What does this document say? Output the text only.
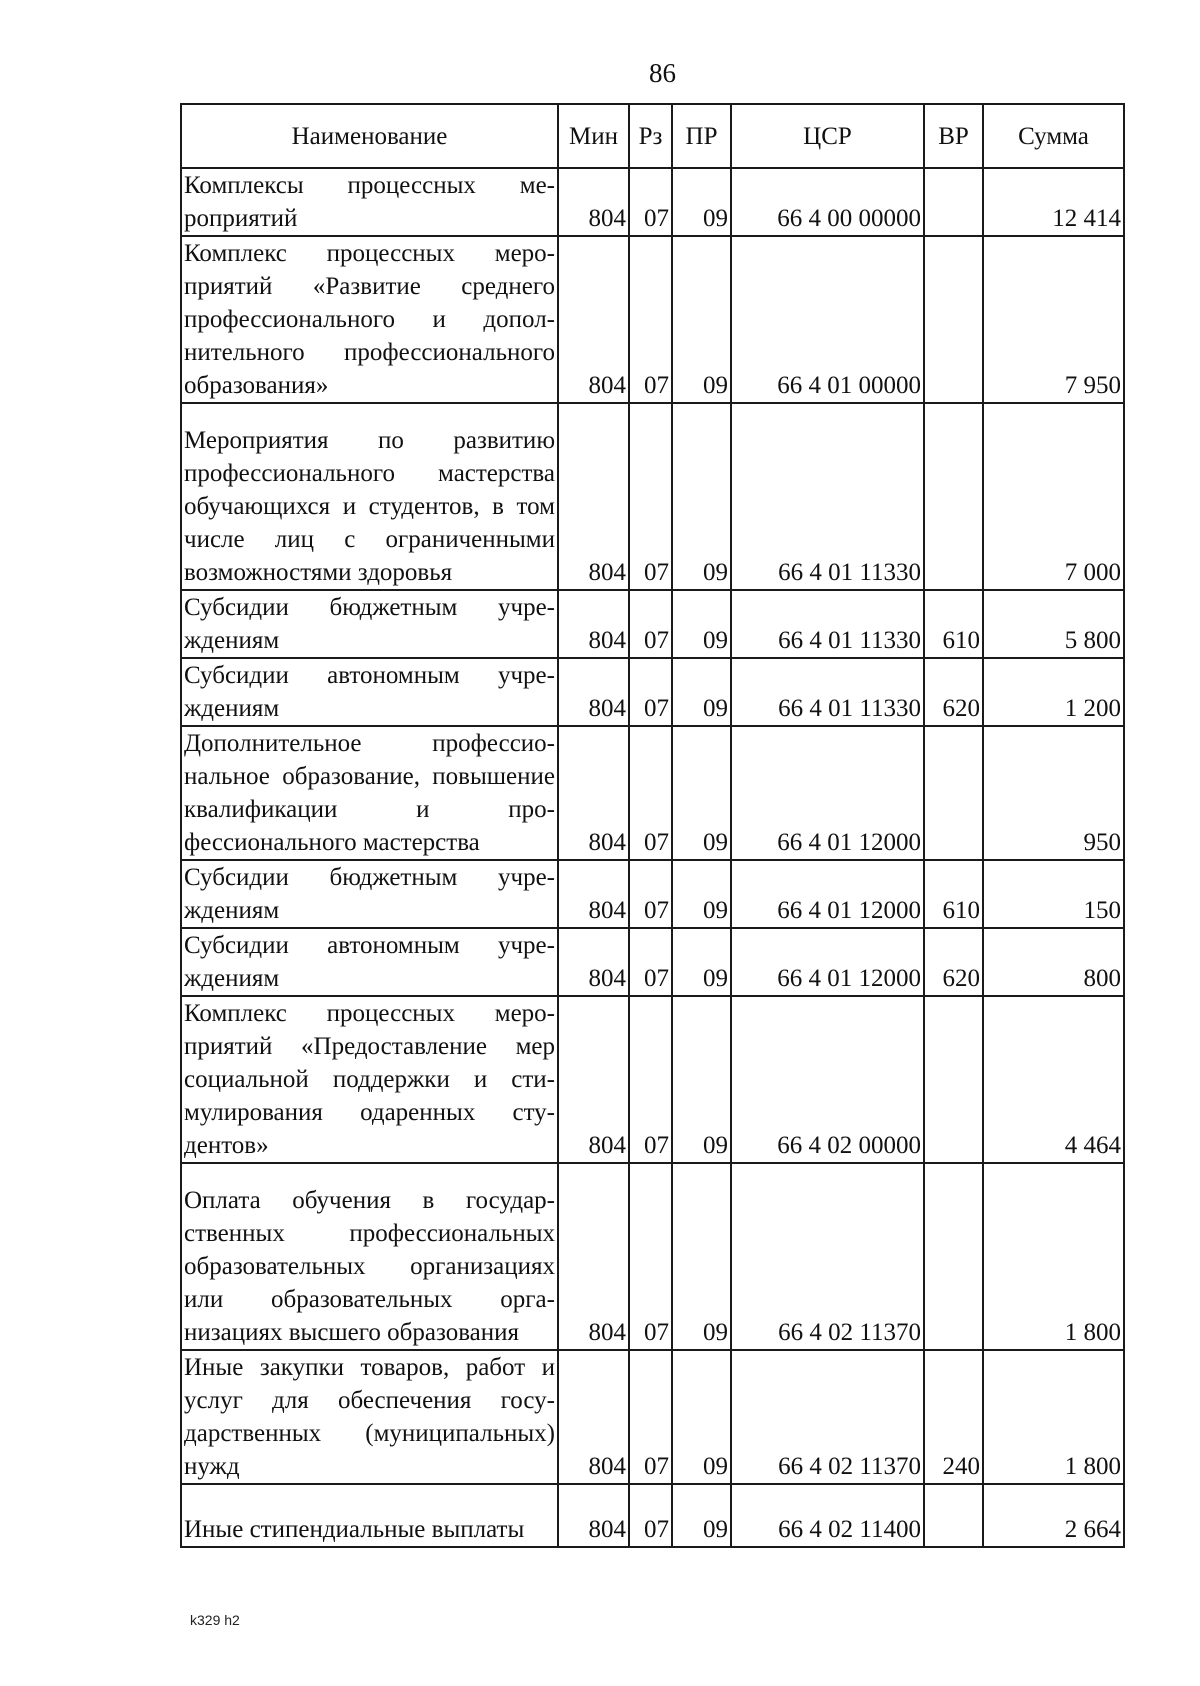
86
Наименование	Мин	Рз	ПР	ЦСР	ВР	Сумма
Комплексы процессных мероприятий	804	07	09	66 4 00 00000		12 414
Комплекс процессных мероприятий «Развитие среднего профессионального и дополнительного профессионального образования»	804	07	09	66 4 01 00000		7 950
Мероприятия по развитию профессионального мастерства обучающихся и студентов, в том числе лиц с ограниченными возможностями здоровья	804	07	09	66 4 01 11330		7 000
Субсидии бюджетным учреждениям	804	07	09	66 4 01 11330	610	5 800
Субсидии автономным учреждениям	804	07	09	66 4 01 11330	620	1 200
Дополнительное профессиональное образование, повышение квалификации и профессионального мастерства	804	07	09	66 4 01 12000		950
Субсидии бюджетным учреждениям	804	07	09	66 4 01 12000	610	150
Субсидии автономным учреждениям	804	07	09	66 4 01 12000	620	800
Комплекс процессных мероприятий «Предоставление мер социальной поддержки и стимулирования одаренных студентов»	804	07	09	66 4 02 00000		4 464
Оплата обучения в государственных профессиональных образовательных организациях или образовательных организациях высшего образования	804	07	09	66 4 02 11370		1 800
Иные закупки товаров, работ и услуг для обеспечения государственных (муниципальных) нужд	804	07	09	66 4 02 11370	240	1 800
Иные стипендиальные выплаты	804	07	09	66 4 02 11400		2 664
k329 h2
